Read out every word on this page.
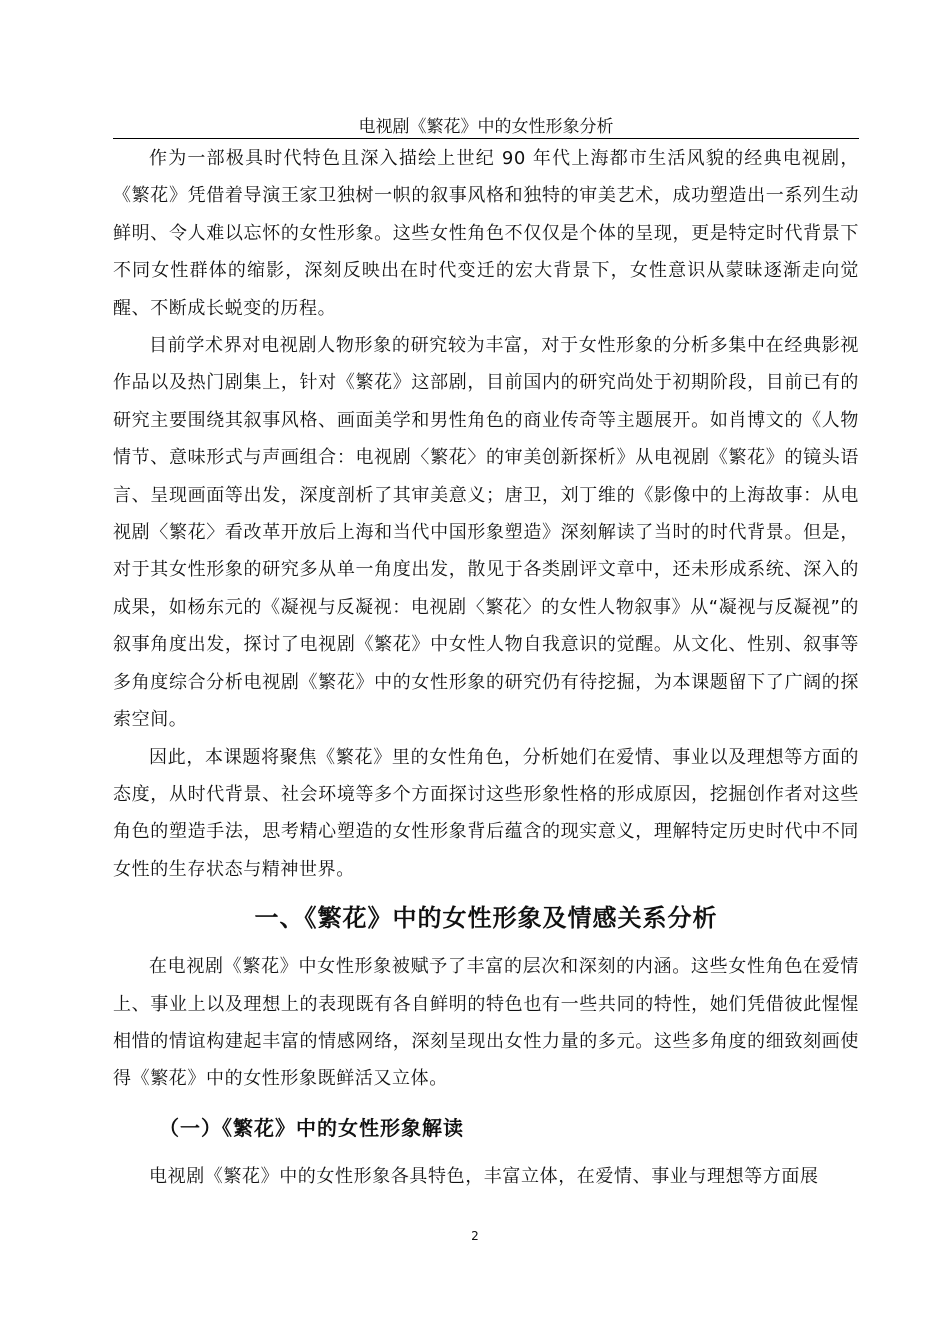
电视剧《繁花》中的女性形象分析

作为一部极具时代特色且深入描绘上世纪 90 年代上海都市生活风貌的经典电视剧，《繁花》凭借着导演王家卫独树一帜的叙事风格和独特的审美艺术，成功塑造出一系列生动鲜明、令人难以忘怀的女性形象。这些女性角色不仅仅是个体的呈现，更是特定时代背景下不同女性群体的缩影，深刻反映出在时代变迁的宏大背景下，女性意识从蒙昧逐渐走向觉醒、不断成长蜕变的历程。

目前学术界对电视剧人物形象的研究较为丰富，对于女性形象的分析多集中在经典影视作品以及热门剧集上，针对《繁花》这部剧，目前国内的研究尚处于初期阶段，目前已有的研究主要围绕其叙事风格、画面美学和男性角色的商业传奇等主题展开。如肖博文的《人物情节、意味形式与声画组合：电视剧〈繁花〉的审美创新探析》从电视剧《繁花》的镜头语言、呈现画面等出发，深度剖析了其审美意义；唐卫，刘丁维的《影像中的上海故事：从电视剧〈繁花〉看改革开放后上海和当代中国形象塑造》深刻解读了当时的时代背景。但是，对于其女性形象的研究多从单一角度出发，散见于各类剧评文章中，还未形成系统、深入的成果，如杨东元的《凝视与反凝视：电视剧〈繁花〉的女性人物叙事》从“凝视与反凝视”的叙事角度出发，探讨了电视剧《繁花》中女性人物自我意识的觉醒。从文化、性别、叙事等多角度综合分析电视剧《繁花》中的女性形象的研究仍有待挖掘，为本课题留下了广阔的探索空间。

因此，本课题将聚焦《繁花》里的女性角色，分析她们在爱情、事业以及理想等方面的态度，从时代背景、社会环境等多个方面探讨这些形象性格的形成原因，挖掘创作者对这些角色的塑造手法，思考精心塑造的女性形象背后蕴含的现实意义，理解特定历史时代中不同女性的生存状态与精神世界。

一、《繁花》中的女性形象及情感关系分析

在电视剧《繁花》中女性形象被赋予了丰富的层次和深刻的内涵。这些女性角色在爱情上、事业上以及理想上的表现既有各自鲜明的特色也有一些共同的特性，她们凭借彼此惺惺相惜的情谊构建起丰富的情感网络，深刻呈现出女性力量的多元。这些多角度的细致刻画使得《繁花》中的女性形象既鲜活又立体。

（一）《繁花》中的女性形象解读

电视剧《繁花》中的女性形象各具特色，丰富立体，在爱情、事业与理想等方面展

2
